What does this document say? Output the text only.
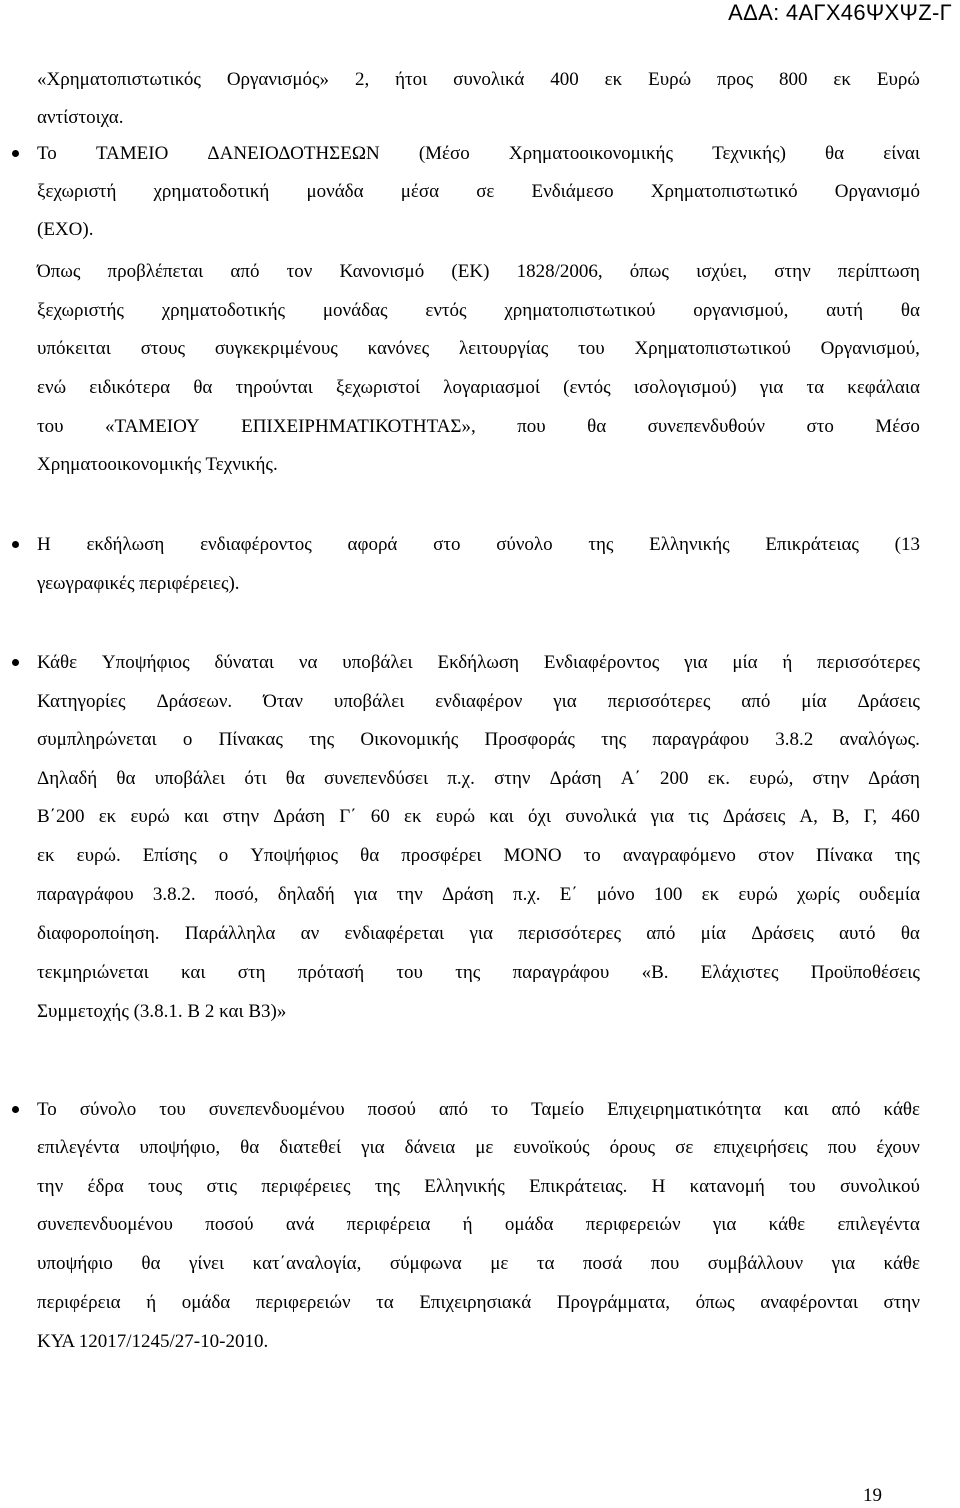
ΑΔΑ: 4ΑΓΧ46ΨΧΨΖ-Γ
«Χρηματοπιστωτικός Οργανισμός» 2, ήτοι συνολικά 400 εκ Ευρώ προς 800 εκ Ευρώ
αντίστοιχα.
Το ΤΑΜΕΙΟ ΔΑΝΕΙΟΔΟΤΗΣΕΩΝ (Μέσο Χρηματοοικονομικής Τεχνικής) θα είναι
ξεχωριστή χρηματοδοτική μονάδα μέσα σε Ενδιάμεσο Χρηματοπιστωτικό Οργανισμό
(ΕΧΟ).
Όπως προβλέπεται από τον Κανονισμό (ΕΚ) 1828/2006, όπως ισχύει, στην περίπτωση
ξεχωριστής χρηματοδοτικής μονάδας εντός χρηματοπιστωτικού οργανισμού, αυτή θα
υπόκειται στους συγκεκριμένους κανόνες λειτουργίας του Χρηματοπιστωτικού Οργανισμού,
ενώ ειδικότερα θα τηρούνται ξεχωριστοί λογαριασμοί (εντός ισολογισμού) για τα κεφάλαια
του «ΤΑΜΕΙΟΥ ΕΠΙΧΕΙΡΗΜΑΤΙΚΟΤΗΤΑΣ», που θα συνεπενδυθούν στο Μέσο
Χρηματοοικονομικής Τεχνικής.
Η εκδήλωση ενδιαφέροντος αφορά στο σύνολο της Ελληνικής Επικράτειας (13
γεωγραφικές περιφέρειες).
Κάθε Υποψήφιος δύναται να υποβάλει Εκδήλωση Ενδιαφέροντος για μία ή περισσότερες
Κατηγορίες Δράσεων. Όταν υποβάλει ενδιαφέρον για περισσότερες από μία Δράσεις
συμπληρώνεται ο Πίνακας της Οικονομικής Προσφοράς της παραγράφου 3.8.2 αναλόγως.
Δηλαδή θα υποβάλει ότι θα συνεπενδύσει π.χ. στην Δράση Α΄ 200 εκ. ευρώ, στην Δράση
Β΄200 εκ ευρώ και στην Δράση Γ΄ 60 εκ ευρώ και όχι συνολικά για τις Δράσεις Α, Β, Γ, 460
εκ ευρώ. Επίσης ο Υποψήφιος θα προσφέρει ΜΟΝΟ το αναγραφόμενο στον Πίνακα της
παραγράφου 3.8.2. ποσό, δηλαδή για την Δράση π.χ. Ε΄ μόνο 100 εκ ευρώ χωρίς ουδεμία
διαφοροποίηση. Παράλληλα αν ενδιαφέρεται για περισσότερες από μία Δράσεις αυτό θα
τεκμηριώνεται και στη πρότασή του της παραγράφου «Β. Ελάχιστες Προϋποθέσεις
Συμμετοχής (3.8.1. Β 2 και Β3)»
Το σύνολο του συνεπενδυομένου ποσού από το Ταμείο Επιχειρηματικότητα και από κάθε
επιλεγέντα υποψήφιο, θα διατεθεί για δάνεια με ευνοϊκούς όρους σε επιχειρήσεις που έχουν
την έδρα τους στις περιφέρειες της Ελληνικής Επικράτειας. Η κατανομή του συνολικού
συνεπενδυομένου ποσού ανά περιφέρεια ή ομάδα περιφερειών για κάθε επιλεγέντα
υποψήφιο θα γίνει κατ΄αναλογία, σύμφωνα με τα ποσά που συμβάλλουν για κάθε
περιφέρεια ή ομάδα περιφερειών τα Επιχειρησιακά Προγράμματα, όπως αναφέρονται στην
ΚΥΑ 12017/1245/27-10-2010.
19
